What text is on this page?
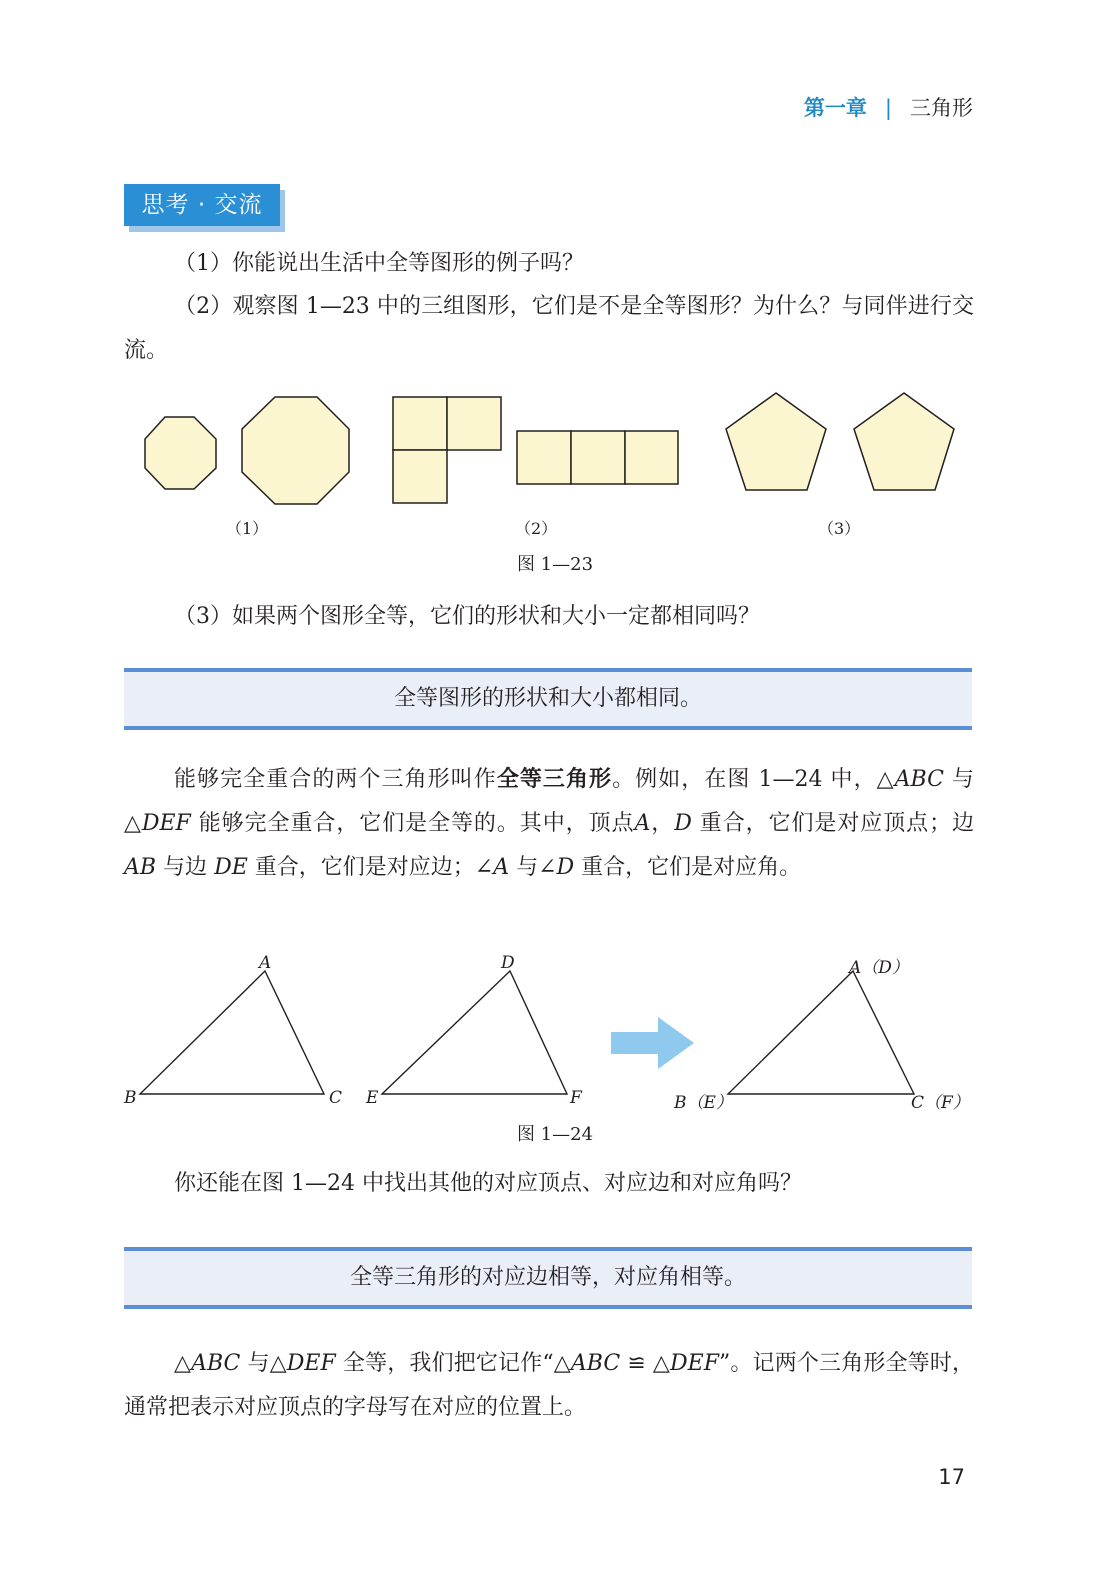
第一章 | 三角形
思考 · 交流

（1）你能说出生活中全等图形的例子吗？

（2）观察图 1—23 中的三组图形，它们是不是全等图形？为什么？与同伴进行交流。

（1）	（2）	（3）
图 1—23

（3）如果两个图形全等，它们的形状和大小一定都相同吗？

全等图形的形状和大小都相同。

能够完全重合的两个三角形叫作全等三角形。例如，在图 1—24 中，△ABC 与△DEF 能够完全重合，它们是全等的。其中，顶点A，D 重合，它们是对应顶点；边 AB 与边 DE 重合，它们是对应边；∠A 与∠D 重合，它们是对应角。

A
B	C
D
E	F
A（D）
B（E）	C（F）
图 1—24

你还能在图 1—24 中找出其他的对应顶点、对应边和对应角吗？

全等三角形的对应边相等，对应角相等。

△ABC 与△DEF 全等，我们把它记作“△ABC ≌ △DEF”。记两个三角形全等时，通常把表示对应顶点的字母写在对应的位置上。

17
